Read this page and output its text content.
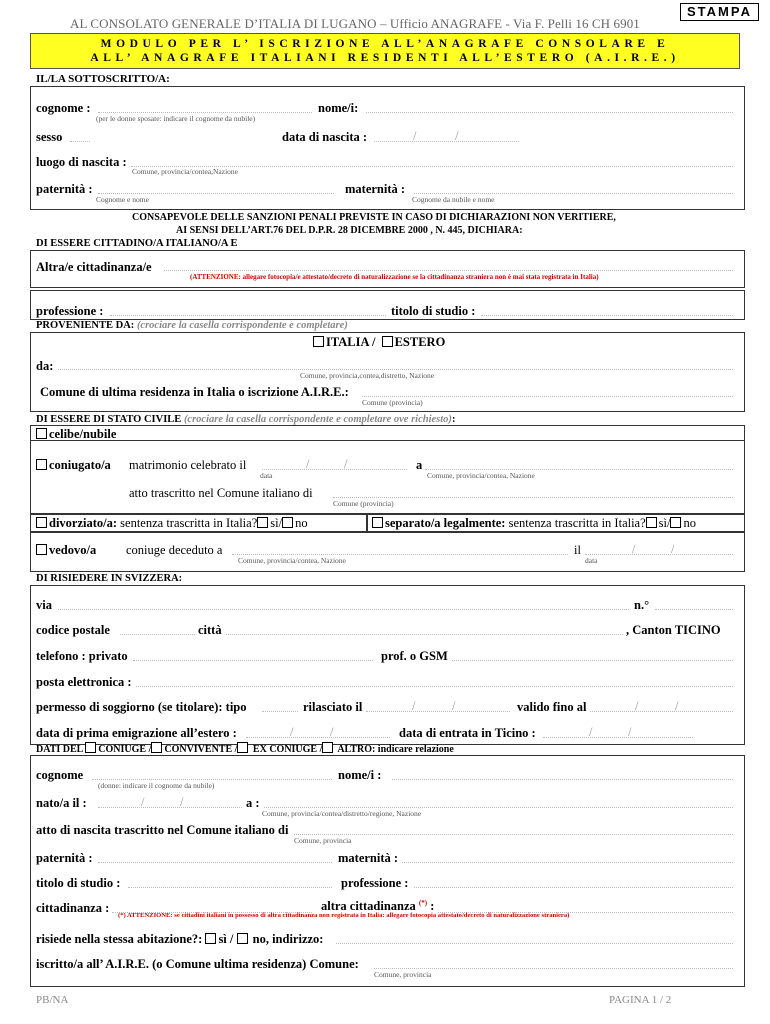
AL CONSOLATO GENERALE D’ITALIA DI LUGANO – Ufficio ANAGRAFE - Via F. Pelli 16 CH 6901
STAMPA
MODULO PER L’ ISCRIZIONE ALL’ANAGRAFE CONSOLARE E
ALL’ ANAGRAFE ITALIANI RESIDENTI ALL’ESTERO (A.I.R.E.)
IL/LA SOTTOSCRITTO/A:
cognome :
(per le donne sposate: indicare il cognome da nubile)
nome/i:
sesso	data di nascita :	/	/
luogo di nascita :
Comune, provincia/contea,Nazione
paternità :
Cognome e nome
maternità :
Cognome da nubile e nome
CONSAPEVOLE DELLE SANZIONI PENALI PREVISTE IN CASO DI DICHIARAZIONI NON VERITIERE,
AI SENSI DELL’ART.76 DEL D.P.R. 28 DICEMBRE 2000 , N. 445, DICHIARA:
DI ESSERE CITTADINO/A ITALIANO/A E
Altra/e cittadinanza/e
(ATTENZIONE: allegare fotocopia/e attestato/decreto di naturalizzazione se la cittadinanza straniera non è mai stata registrata in Italia)
professione :	titolo di studio :
PROVENIENTE DA: (crociare la casella corrispondente e completare)
ITALIA / ESTERO
da:
Comune, provincia,contea,distretto, Nazione
Comune di ultima residenza in Italia o iscrizione A.I.R.E.:
Comune (provincia)
DI ESSERE DI STATO CIVILE (crociare la casella corrispondente e completare ove richiesto):
celibe/nubile
coniugato/a matrimonio celebrato il	/	/
data
a
Comune, provincia/contea, Nazione
atto trascritto nel Comune italiano di
Comune (provincia)
divorziato/a: sentenza trascritta in Italia? sì/ no	separato/a legalmente: sentenza trascritta in Italia? sì/ no
vedovo/a coniuge deceduto a
Comune, provincia/contea, Nazione
il	/	/
data
DI RISIEDERE IN SVIZZERA:
via	n.°
codice postale	città	, Canton TICINO
telefono : privato	prof. o GSM
posta elettronica :
permesso di soggiorno (se titolare): tipo	rilasciato il	/	/	valido fino al	/	/
data di prima emigrazione all’estero :	/	/	data di entrata in Ticino :	/	/
DATI DEL CONIUGE / CONVIVENTE / EX CONIUGE / ALTRO: indicare relazione
cognome
(donne: indicare il cognome da nubile)
nome/i :
nato/a il :	/	/	a :
Comune, provincia/contea/distretto/regione, Nazione
atto di nascita trascritto nel Comune italiano di
Comune, provincia
paternità :	maternità :
titolo di studio :	professione :
cittadinanza :	altra cittadinanza (*) :
(*) ATTENZIONE: se cittadini italiani in possesso di altra cittadinanza non registrata in Italia: allegare fotocopia attestato/decreto di naturalizzazione straniera)
risiede nella stessa abitazione?: sì / no, indirizzo:
iscritto/a all’ A.I.R.E. (o Comune ultima residenza) Comune:
Comune, provincia
PB/NA	PAGINA 1 / 2
